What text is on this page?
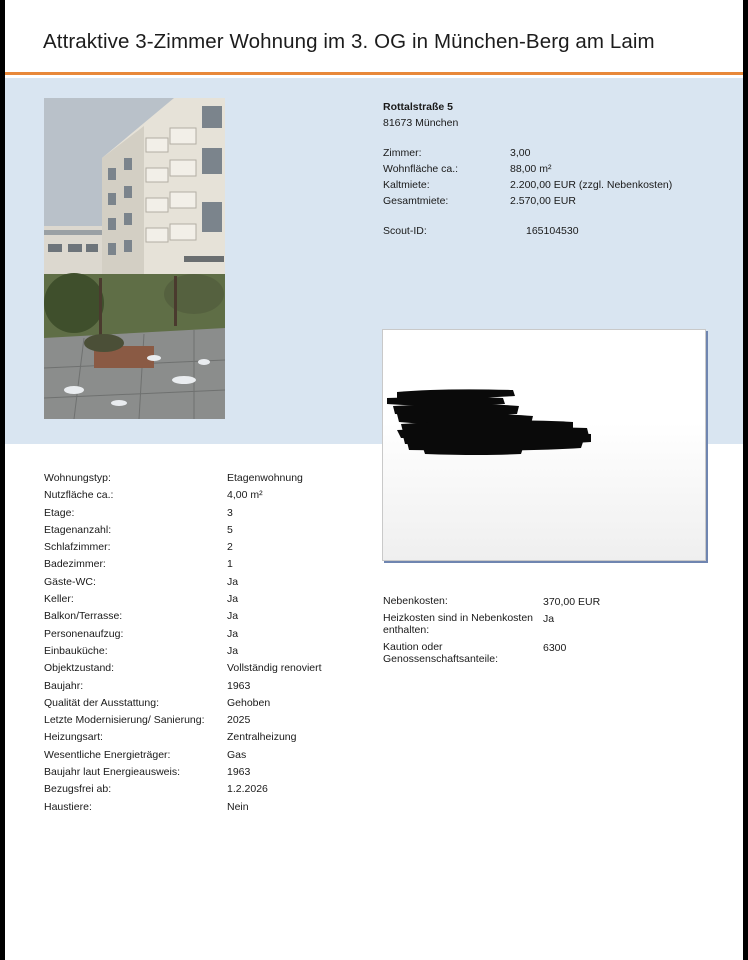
Attraktive 3-Zimmer Wohnung im 3. OG in München-Berg am Laim
Rottalstraße 5
81673 München
Zimmer:	3,00
Wohnfläche ca.:	88,00 m²
Kaltmiete:	2.200,00 EUR (zzgl. Nebenkosten)
Gesamtmiete:	2.570,00 EUR
Scout-ID:	165104530
Wohnungstyp:	Etagenwohnung
Nutzfläche ca.:	4,00 m²
Etage:	3
Etagenanzahl:	5
Schlafzimmer:	2
Badezimmer:	1
Gäste-WC:	Ja
Keller:	Ja
Balkon/Terrasse:	Ja
Personenaufzug:	Ja
Einbauküche:	Ja
Objektzustand:	Vollständig renoviert
Baujahr:	1963
Qualität der Ausstattung:	Gehoben
Letzte Modernisierung/ Sanierung: 2025
Heizungsart:	Zentralheizung
Wesentliche Energieträger:	Gas
Baujahr laut Energieausweis:	1963
Bezugsfrei ab:	1.2.2026
Haustiere:	Nein
Nebenkosten:	370,00 EUR
Heizkosten sind in Nebenkosten enthalten:
Ja
Kaution oder Genossenschaftsanteile:
6300
